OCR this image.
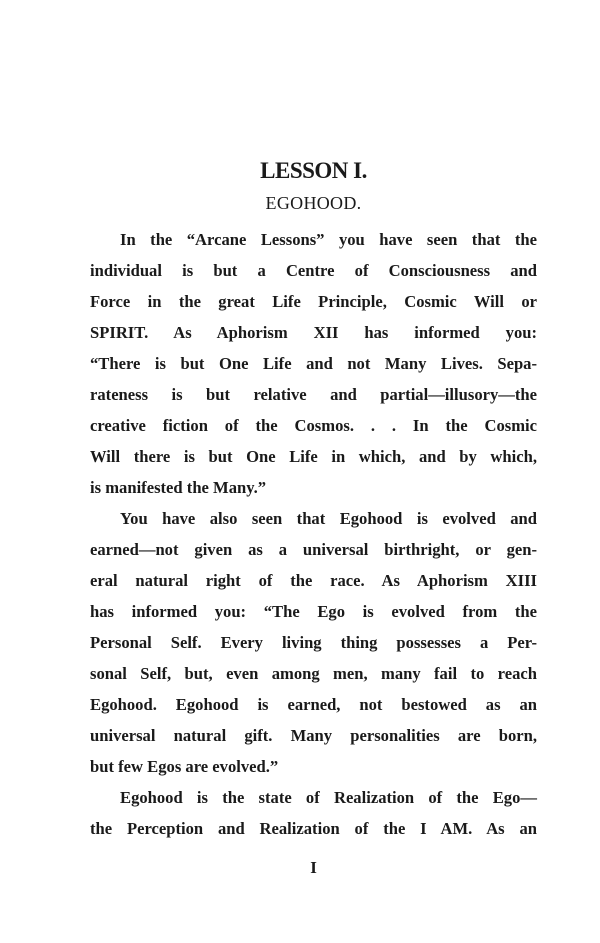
LESSON I.
EGOHOOD.
In the “Arcane Lessons” you have seen that the
individual is but a Centre of Consciousness and
Force in the great Life Principle, Cosmic Will or
SPIRIT. As Aphorism XII has informed you:
“There is but One Life and not Many Lives. Sepa-
rateness is but relative and partial—illusory—the
creative fiction of the Cosmos. . . In the Cosmic
Will there is but One Life in which, and by which,
is manifested the Many.”
You have also seen that Egohood is evolved and
earned—not given as a universal birthright, or gen-
eral natural right of the race. As Aphorism XIII
has informed you: “The Ego is evolved from the
Personal Self. Every living thing possesses a Per-
sonal Self, but, even among men, many fail to reach
Egohood. Egohood is earned, not bestowed as an
universal natural gift. Many personalities are born,
but few Egos are evolved.”
Egohood is the state of Realization of the Ego—
the Perception and Realization of the I AM. As an
I
